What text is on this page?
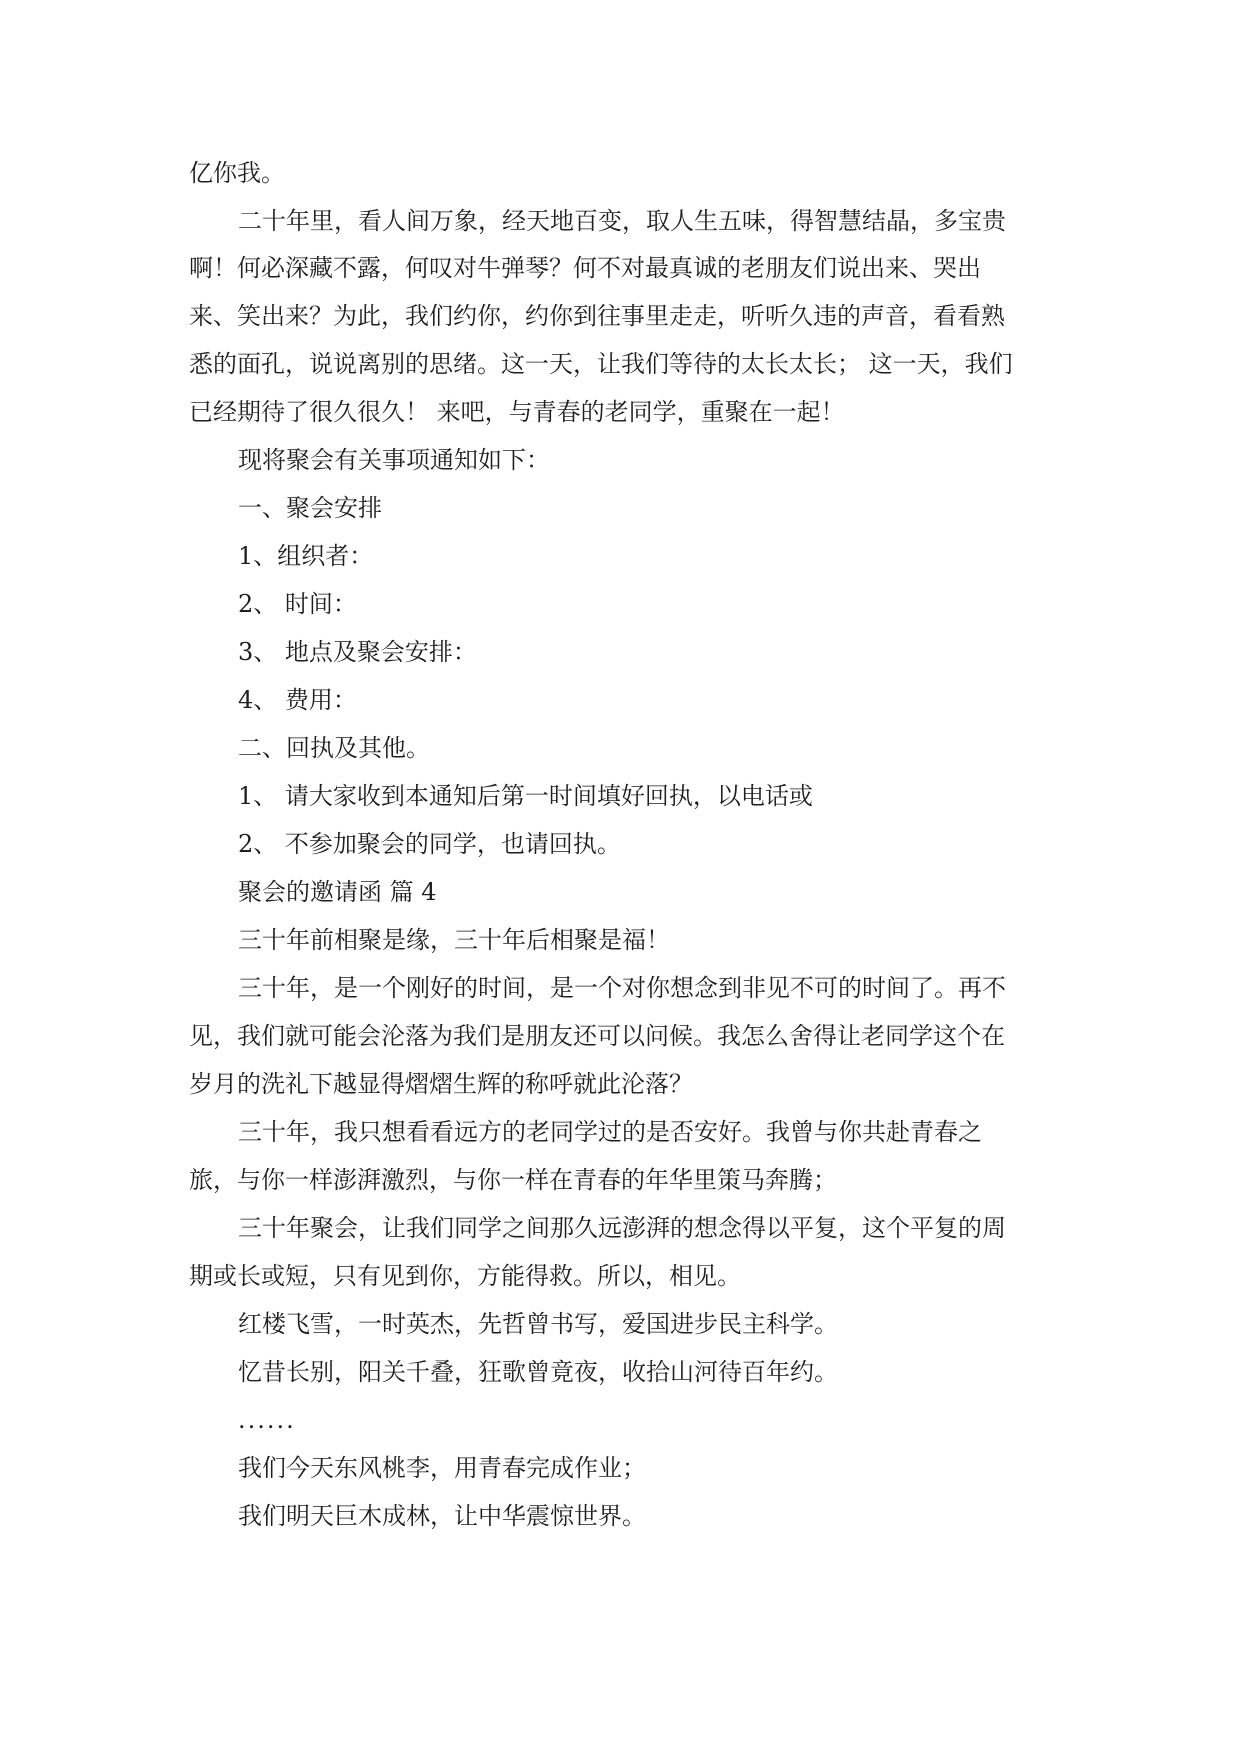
亿你我。

二十年里，看人间万象，经天地百变，取人生五味，得智慧结晶，多宝贵

啊！何必深藏不露，何叹对牛弹琴？何不对最真诚的老朋友们说出来、哭出

来、笑出来？为此，我们约你，约你到往事里走走，听听久违的声音，看看熟

悉的面孔，说说离别的思绪。这一天，让我们等待的太长太长； 这一天，我们

已经期待了很久很久！ 来吧，与青春的老同学，重聚在一起！

现将聚会有关事项通知如下：

一、聚会安排

1、组织者：

2、 时间：

3、 地点及聚会安排：

4、 费用：

二、回执及其他。

1、 请大家收到本通知后第一时间填好回执，以电话或

2、 不参加聚会的同学，也请回执。

聚会的邀请函 篇 4

三十年前相聚是缘，三十年后相聚是福！

三十年，是一个刚好的时间，是一个对你想念到非见不可的时间了。再不

见，我们就可能会沦落为我们是朋友还可以问候。我怎么舍得让老同学这个在

岁月的洗礼下越显得熠熠生辉的称呼就此沦落？

三十年，我只想看看远方的老同学过的是否安好。我曾与你共赴青春之

旅，与你一样澎湃激烈，与你一样在青春的年华里策马奔腾；

三十年聚会，让我们同学之间那久远澎湃的想念得以平复，这个平复的周

期或长或短，只有见到你，方能得救。所以，相见。

红楼飞雪，一时英杰，先哲曾书写，爱国进步民主科学。

忆昔长别，阳关千叠，狂歌曾竟夜，收拾山河待百年约。

......

我们今天东风桃李，用青春完成作业；

我们明天巨木成林，让中华震惊世界。
